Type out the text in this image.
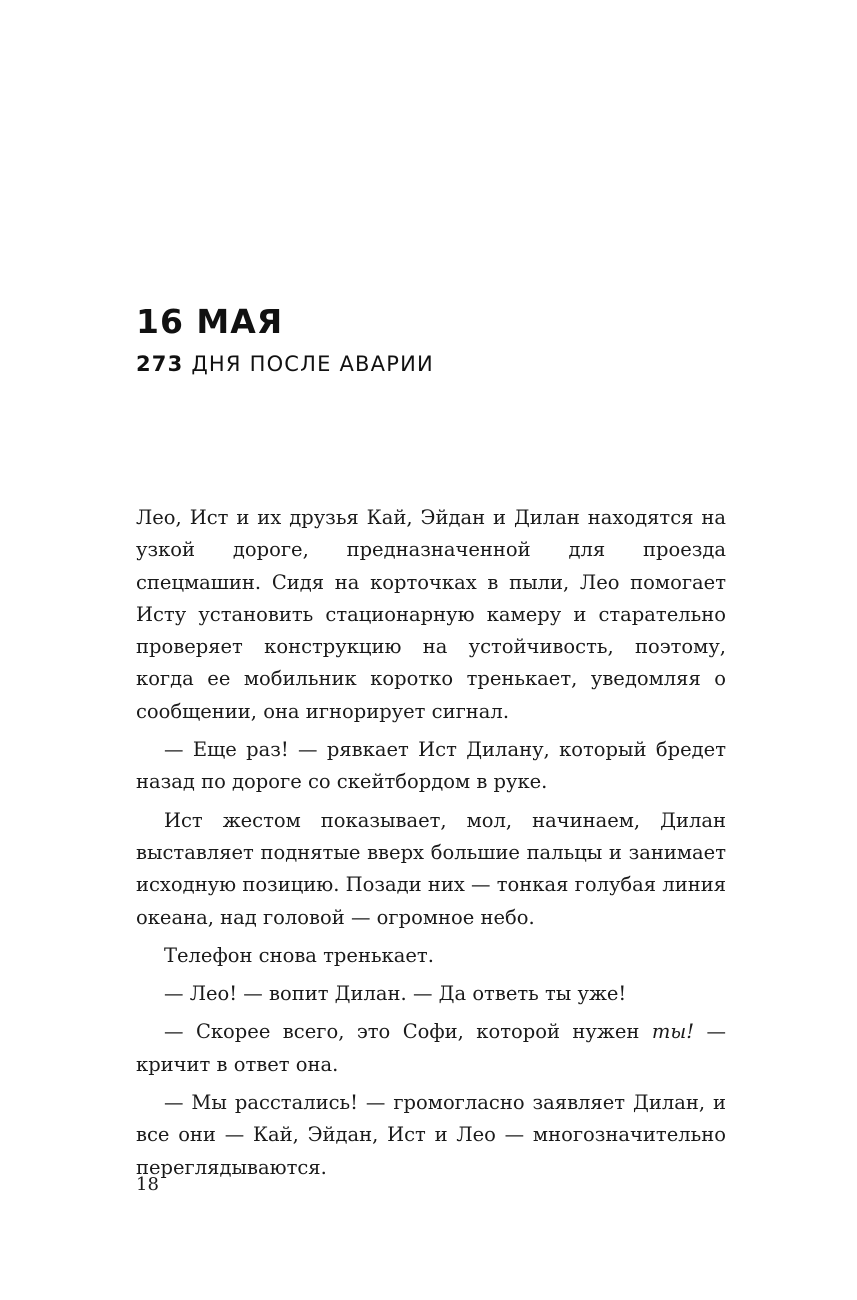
16 МАЯ
273 ДНЯ ПОСЛЕ АВАРИИ

Лео, Ист и их друзья Кай, Эйдан и Дилан находятся на узкой дороге, предназначенной для проезда спецмашин. Сидя на корточках в пыли, Лео помогает Исту установить стационарную камеру и старательно проверяет конструкцию на устойчивость, поэтому, когда ее мобильник коротко тренькает, уведомляя о сообщении, она игнорирует сигнал.

— Еще раз! — рявкает Ист Дилану, который бредет назад по дороге со скейтбордом в руке.

Ист жестом показывает, мол, начинаем, Дилан выставляет поднятые вверх большие пальцы и занимает исходную позицию. Позади них — тонкая голубая линия океана, над головой — огромное небо.

Телефон снова тренькает.

— Лео! — вопит Дилан. — Да ответь ты уже!

— Скорее всего, это Софи, которой нужен ты! — кричит в ответ она.

— Мы расстались! — громогласно заявляет Дилан, и все они — Кай, Эйдан, Ист и Лео — многозначительно переглядываются.

18
